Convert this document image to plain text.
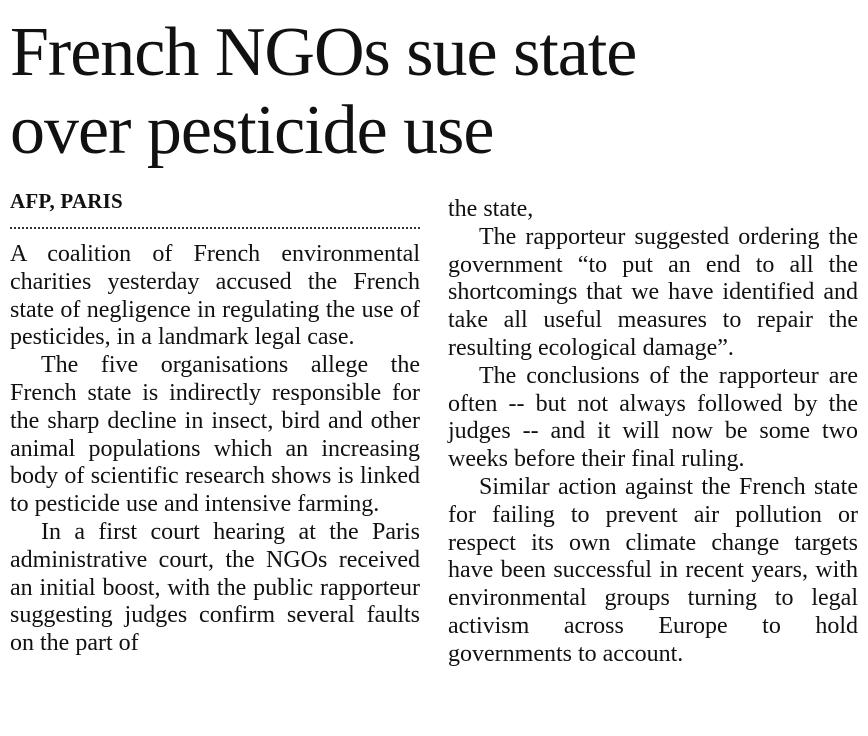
French NGOs sue state
over pesticide use
AFP, PARIS

A coalition of French environmental charities yesterday accused the French state of negligence in regulating the use of pesticides, in a landmark legal case.

The five organisations allege the French state is indirectly responsible for the sharp decline in insect, bird and other animal populations which an increasing body of scientific research shows is linked to pesticide use and intensive farming.

In a first court hearing at the Paris administrative court, the NGOs received an initial boost, with the public rapporteur suggesting judges confirm several faults on the part of

the state,

The rapporteur suggested ordering the government “to put an end to all the shortcomings that we have identified and take all useful measures to repair the resulting ecological damage”.

The conclusions of the rapporteur are often -- but not always followed by the judges -- and it will now be some two weeks before their final ruling.

Similar action against the French state for failing to prevent air pollution or respect its own climate change targets have been successful in recent years, with environmental groups turning to legal activism across Europe to hold governments to account.
